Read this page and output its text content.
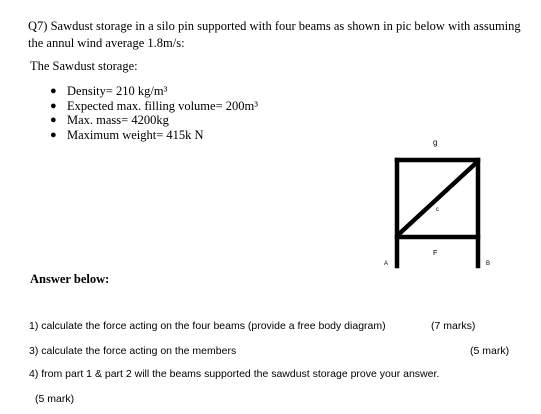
Q7) Sawdust storage in a silo pin supported with four beams as shown in pic below with assuming the annul wind average 1.8m/s:
The Sawdust storage:
● Density= 210 kg/m³
● Expected max. filling volume= 200m³
● Max. mass= 4200kg
● Maximum weight= 415k N
g
c
F
A	B
Answer below:
1) calculate the force acting on the four beams (provide a free body diagram)	(7 marks)
3) calculate the force acting on the members	(5 mark)
4) from part 1 & part 2 will the beams supported the sawdust storage prove your answer.
(5 mark)
